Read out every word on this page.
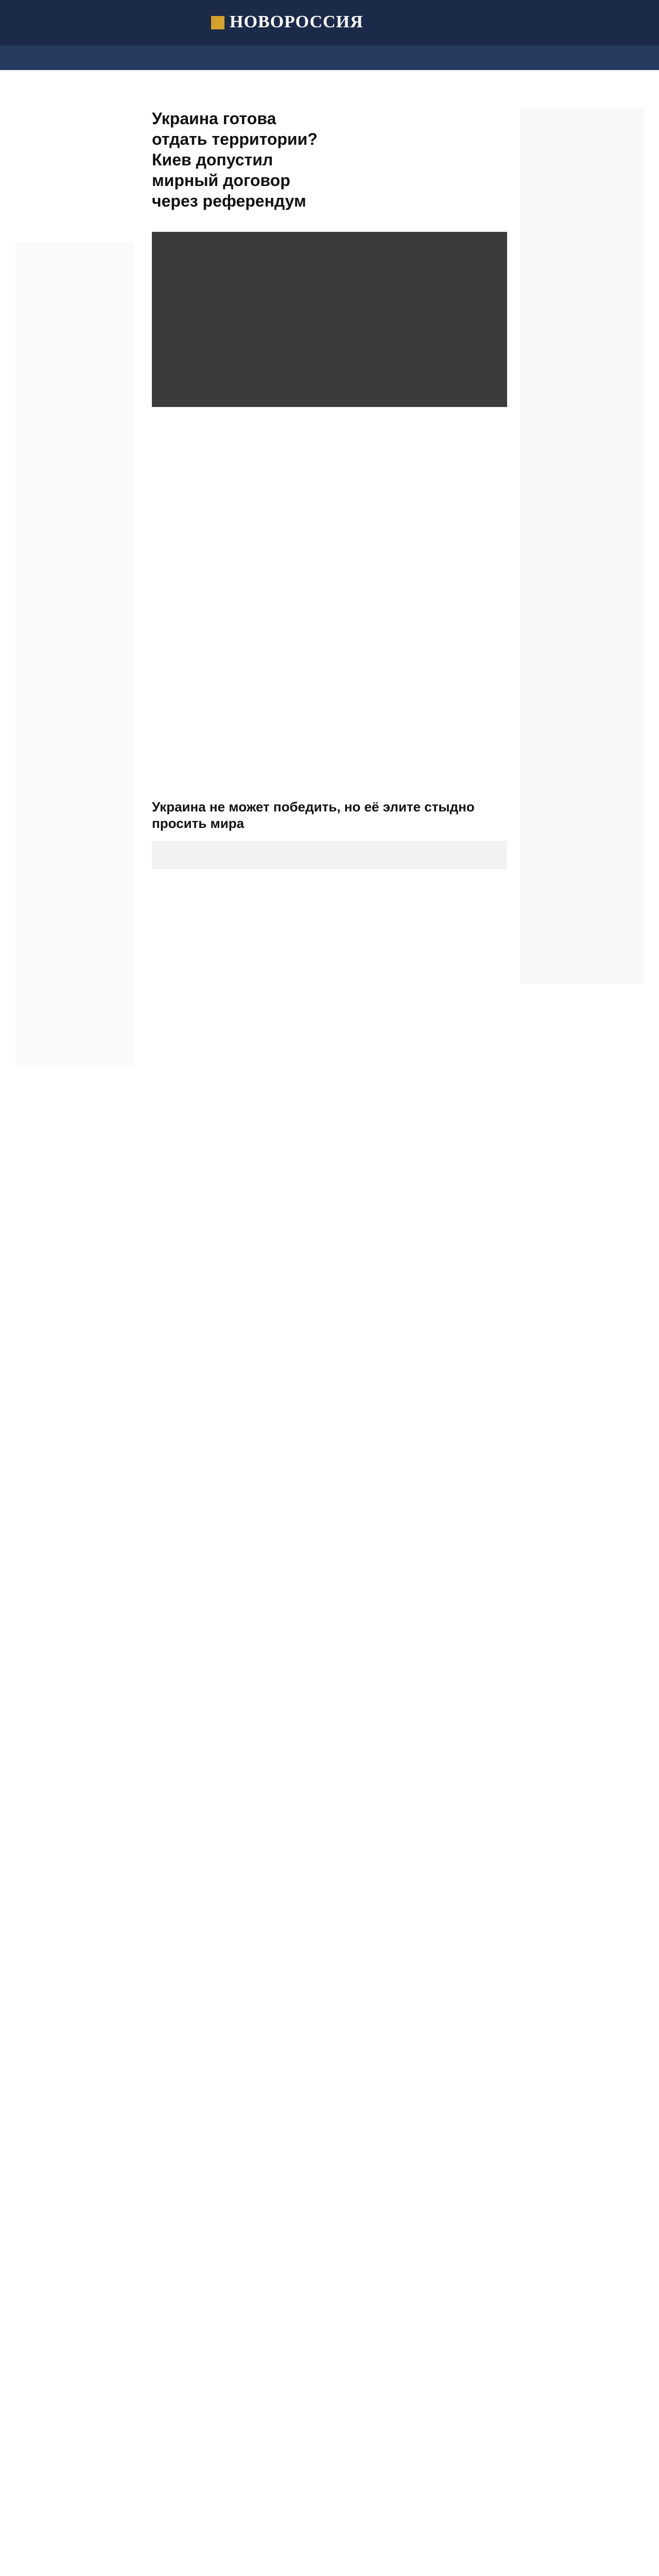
НОВОРОССИЯ
Украина готова отдать территории? Киев допустил мирный договор через референдум
Украина не может победить, но её элите стыдно просить мира
